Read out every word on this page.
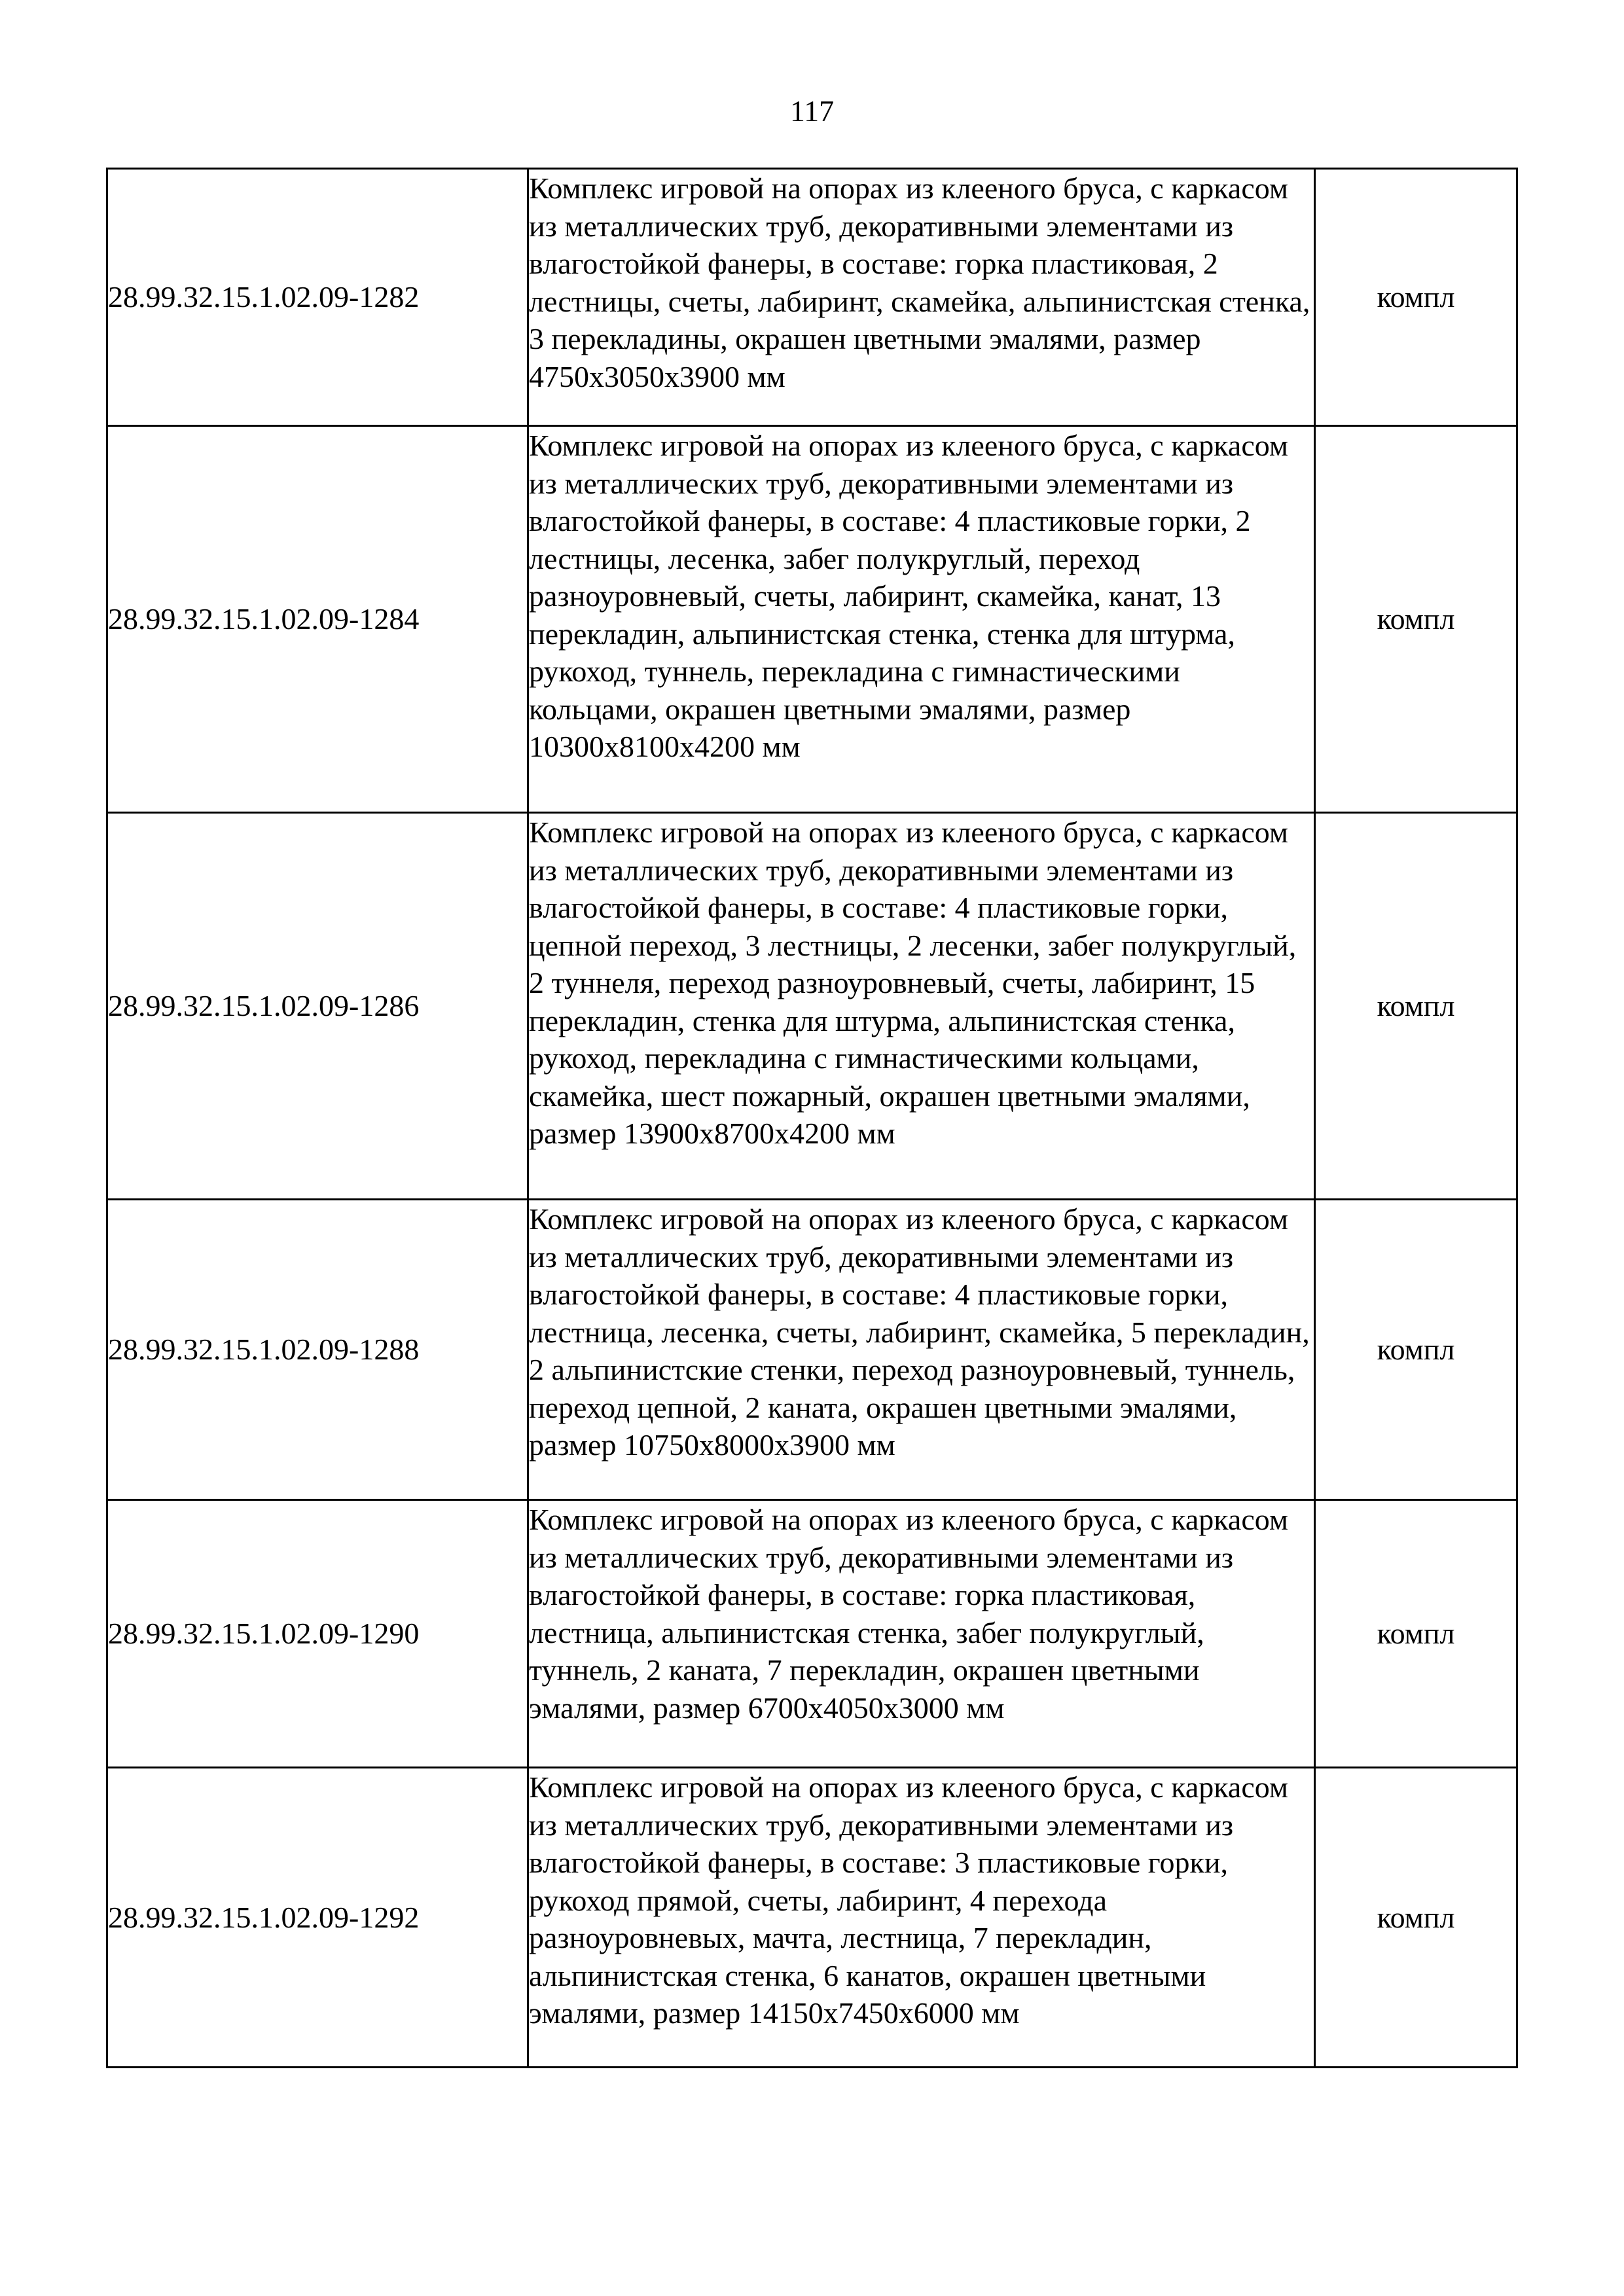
117
28.99.32.15.1.02.09-1282	Комплекс игровой на опорах из клееного бруса, с каркасом из металлических труб, декоративными элементами из влагостойкой фанеры, в составе: горка пластиковая, 2 лестницы, счеты, лабиринт, скамейка, альпинистская стенка, 3 перекладины, окрашен цветными эмалями, размер 4750х3050х3900 мм	компл
28.99.32.15.1.02.09-1284	Комплекс игровой на опорах из клееного бруса, с каркасом из металлических труб, декоративными элементами из влагостойкой фанеры, в составе: 4 пластиковые горки, 2 лестницы, лесенка, забег полукруглый, переход разноуровневый, счеты, лабиринт, скамейка, канат, 13 перекладин, альпинистская стенка, стенка для штурма, рукоход, туннель, перекладина с гимнастическими кольцами, окрашен цветными эмалями, размер 10300х8100х4200 мм	компл
28.99.32.15.1.02.09-1286	Комплекс игровой на опорах из клееного бруса, с каркасом из металлических труб, декоративными элементами из влагостойкой фанеры, в составе: 4 пластиковые горки, цепной переход, 3 лестницы, 2 лесенки, забег полукруглый, 2 туннеля, переход разноуровневый, счеты, лабиринт, 15 перекладин, стенка для штурма, альпинистская стенка, рукоход, перекладина с гимнастическими кольцами, скамейка, шест пожарный, окрашен цветными эмалями, размер 13900х8700х4200 мм	компл
28.99.32.15.1.02.09-1288	Комплекс игровой на опорах из клееного бруса, с каркасом из металлических труб, декоративными элементами из влагостойкой фанеры, в составе: 4 пластиковые горки, лестница, лесенка, счеты, лабиринт, скамейка, 5 перекладин, 2 альпинистские стенки, переход разноуровневый, туннель, переход цепной, 2 каната, окрашен цветными эмалями, размер 10750х8000х3900 мм	компл
28.99.32.15.1.02.09-1290	Комплекс игровой на опорах из клееного бруса, с каркасом из металлических труб, декоративными элементами из влагостойкой фанеры, в составе: горка пластиковая, лестница, альпинистская стенка, забег полукруглый, туннель, 2 каната, 7 перекладин, окрашен цветными эмалями, размер 6700х4050х3000 мм	компл
28.99.32.15.1.02.09-1292	Комплекс игровой на опорах из клееного бруса, с каркасом из металлических труб, декоративными элементами из влагостойкой фанеры, в составе: 3 пластиковые горки, рукоход прямой, счеты, лабиринт, 4 перехода разноуровневых, мачта, лестница, 7 перекладин, альпинистская стенка, 6 канатов, окрашен цветными эмалями, размер 14150х7450х6000 мм	компл
